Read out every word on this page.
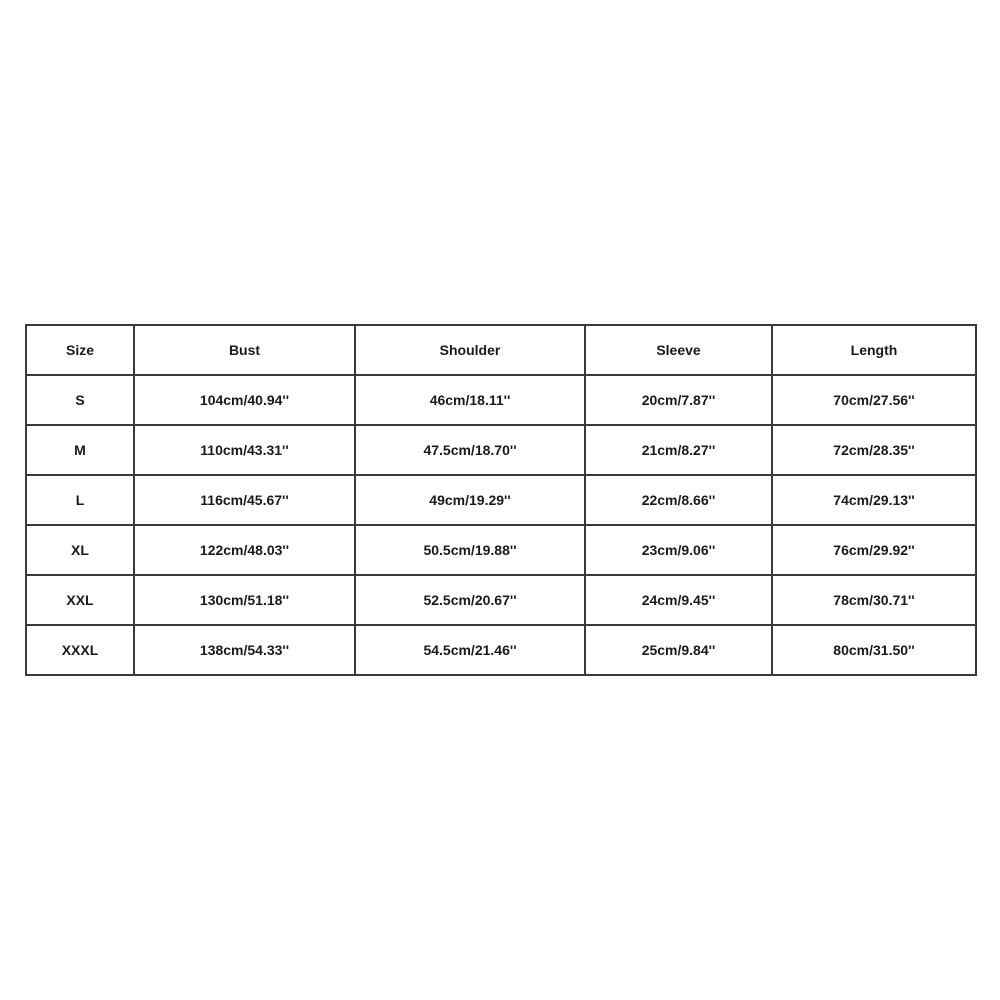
Size	Bust	Shoulder	Sleeve	Length
S	104cm/40.94''	46cm/18.11''	20cm/7.87''	70cm/27.56''
M	110cm/43.31''	47.5cm/18.70''	21cm/8.27''	72cm/28.35''
L	116cm/45.67''	49cm/19.29''	22cm/8.66''	74cm/29.13''
XL	122cm/48.03''	50.5cm/19.88''	23cm/9.06''	76cm/29.92''
XXL	130cm/51.18''	52.5cm/20.67''	24cm/9.45''	78cm/30.71''
XXXL	138cm/54.33''	54.5cm/21.46''	25cm/9.84''	80cm/31.50''
